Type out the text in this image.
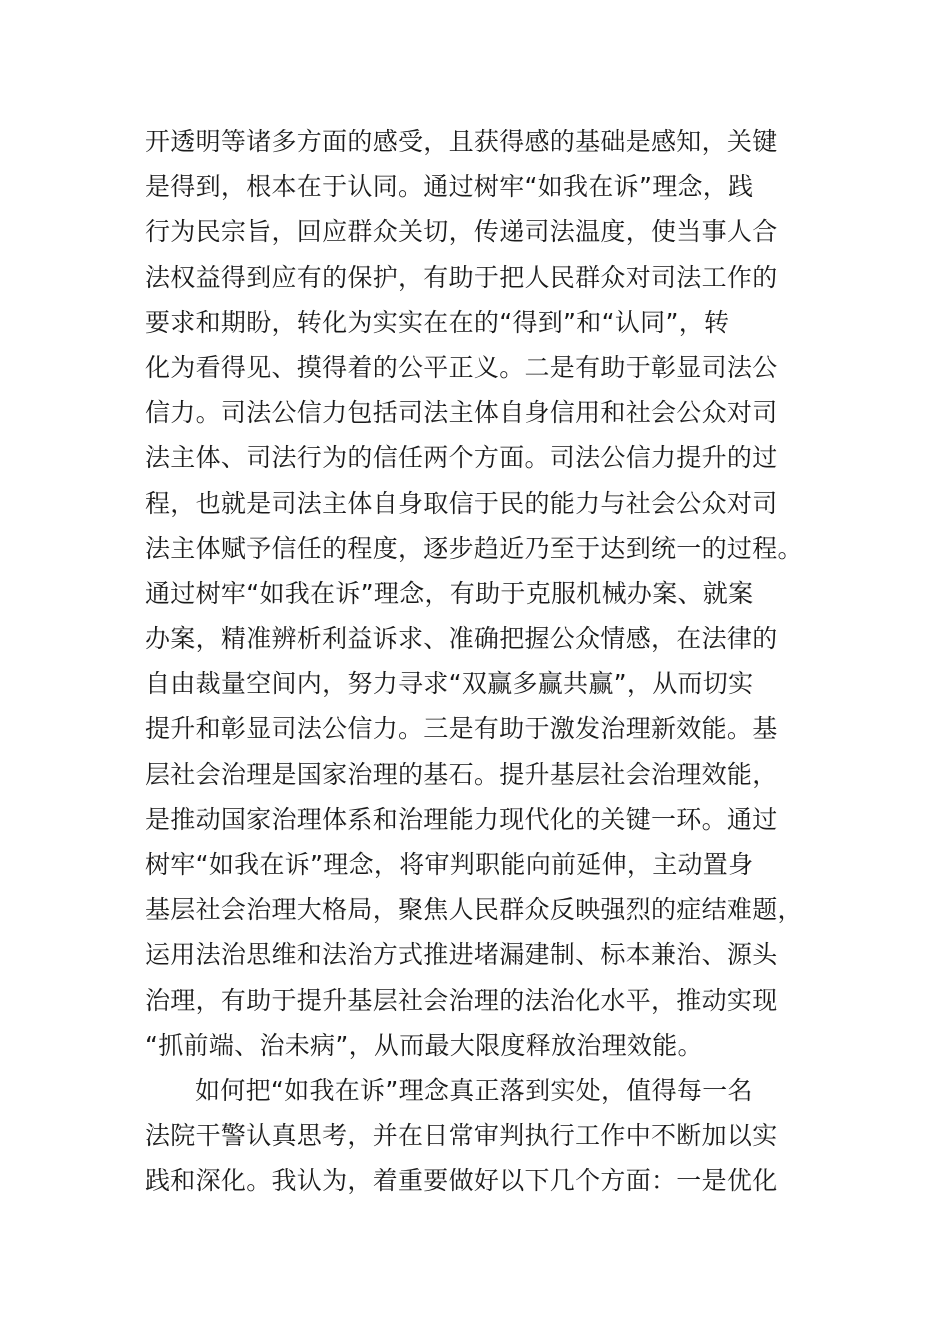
开透明等诸多方面的感受，且获得感的基础是感知，关键
是得到，根本在于认同。通过树牢“如我在诉”理念，践
行为民宗旨，回应群众关切，传递司法温度，使当事人合
法权益得到应有的保护，有助于把人民群众对司法工作的
要求和期盼，转化为实实在在的“得到”和“认同”，转
化为看得见、摸得着的公平正义。二是有助于彰显司法公
信力。司法公信力包括司法主体自身信用和社会公众对司
法主体、司法行为的信任两个方面。司法公信力提升的过
程，也就是司法主体自身取信于民的能力与社会公众对司
法主体赋予信任的程度，逐步趋近乃至于达到统一的过程。
通过树牢“如我在诉”理念，有助于克服机械办案、就案
办案，精准辨析利益诉求、准确把握公众情感，在法律的
自由裁量空间内，努力寻求“双赢多赢共赢”，从而切实
提升和彰显司法公信力。三是有助于激发治理新效能。基
层社会治理是国家治理的基石。提升基层社会治理效能，
是推动国家治理体系和治理能力现代化的关键一环。通过
树牢“如我在诉”理念，将审判职能向前延伸，主动置身
基层社会治理大格局，聚焦人民群众反映强烈的症结难题，
运用法治思维和法治方式推进堵漏建制、标本兼治、源头
治理，有助于提升基层社会治理的法治化水平，推动实现
“抓前端、治未病”，从而最大限度释放治理效能。
如何把“如我在诉”理念真正落到实处，值得每一名
法院干警认真思考，并在日常审判执行工作中不断加以实
践和深化。我认为，着重要做好以下几个方面：一是优化
